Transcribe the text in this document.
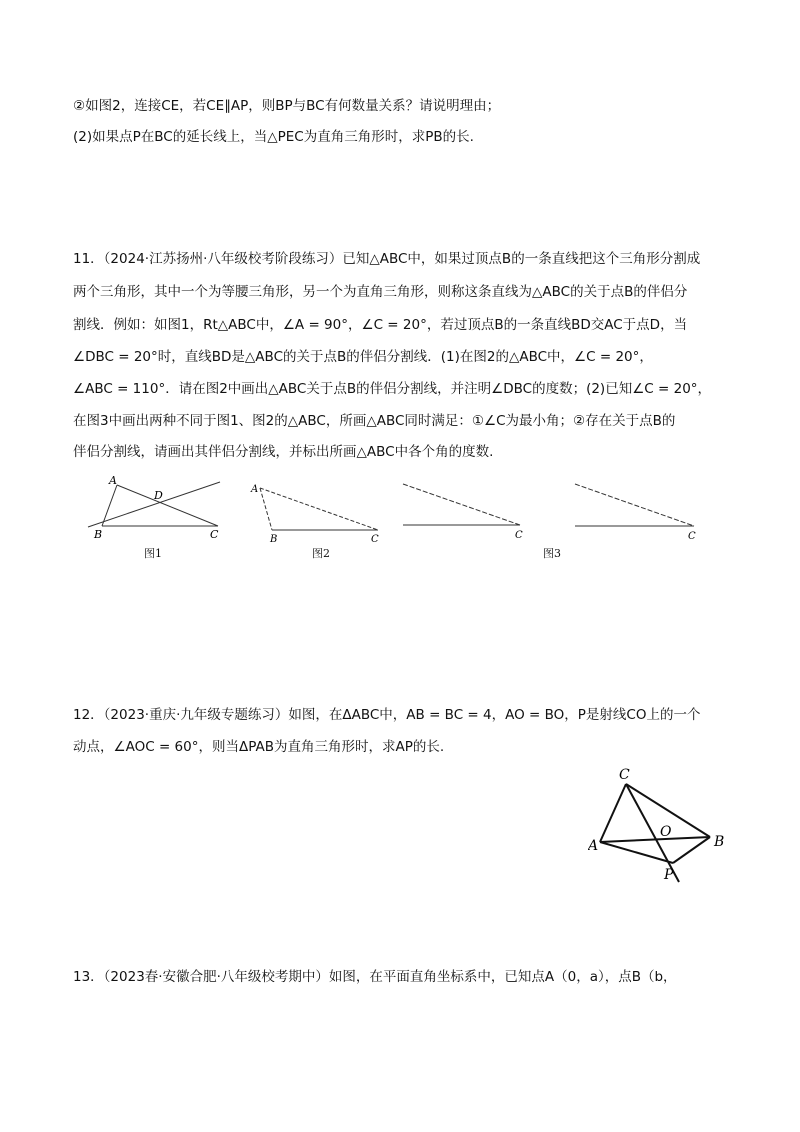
②如图2，连接CE，若CE∥AP，则BP与BC有何数量关系？请说明理由；
(2)如果点P在BC的延长线上，当△PEC为直角三角形时，求PB的长.
11．（2024·江苏扬州·八年级校考阶段练习）已知△ABC中，如果过顶点B的一条直线把这个三角形分割成
两个三角形，其中一个为等腰三角形，另一个为直角三角形，则称这条直线为△ABC的关于点B的伴侣分
割线．例如：如图1，Rt△ABC中，∠A = 90°，∠C = 20°，若过顶点B的一条直线BD交AC于点D，当
∠DBC = 20°时，直线BD是△ABC的关于点B的伴侣分割线．(1)在图2的△ABC中，∠C = 20°，
∠ABC = 110°．请在图2中画出△ABC关于点B的伴侣分割线，并注明∠DBC的度数；(2)已知∠C = 20°，
在图3中画出两种不同于图1、图2的△ABC，所画△ABC同时满足：①∠C为最小角；②存在关于点B的
伴侣分割线，请画出其伴侣分割线，并标出所画△ABC中各个角的度数.
A
D
B	C
图1
A
B	C
图2
C	C
图3
12．（2023·重庆·九年级专题练习）如图，在ΔABC中，AB = BC = 4，AO = BO，P是射线CO上的一个
动点，∠AOC = 60°，则当ΔPAB为直角三角形时，求AP的长.
C
O
A	B
P
13．（2023春·安徽合肥·八年级校考期中）如图，在平面直角坐标系中，已知点A（0，a），点B（b，
